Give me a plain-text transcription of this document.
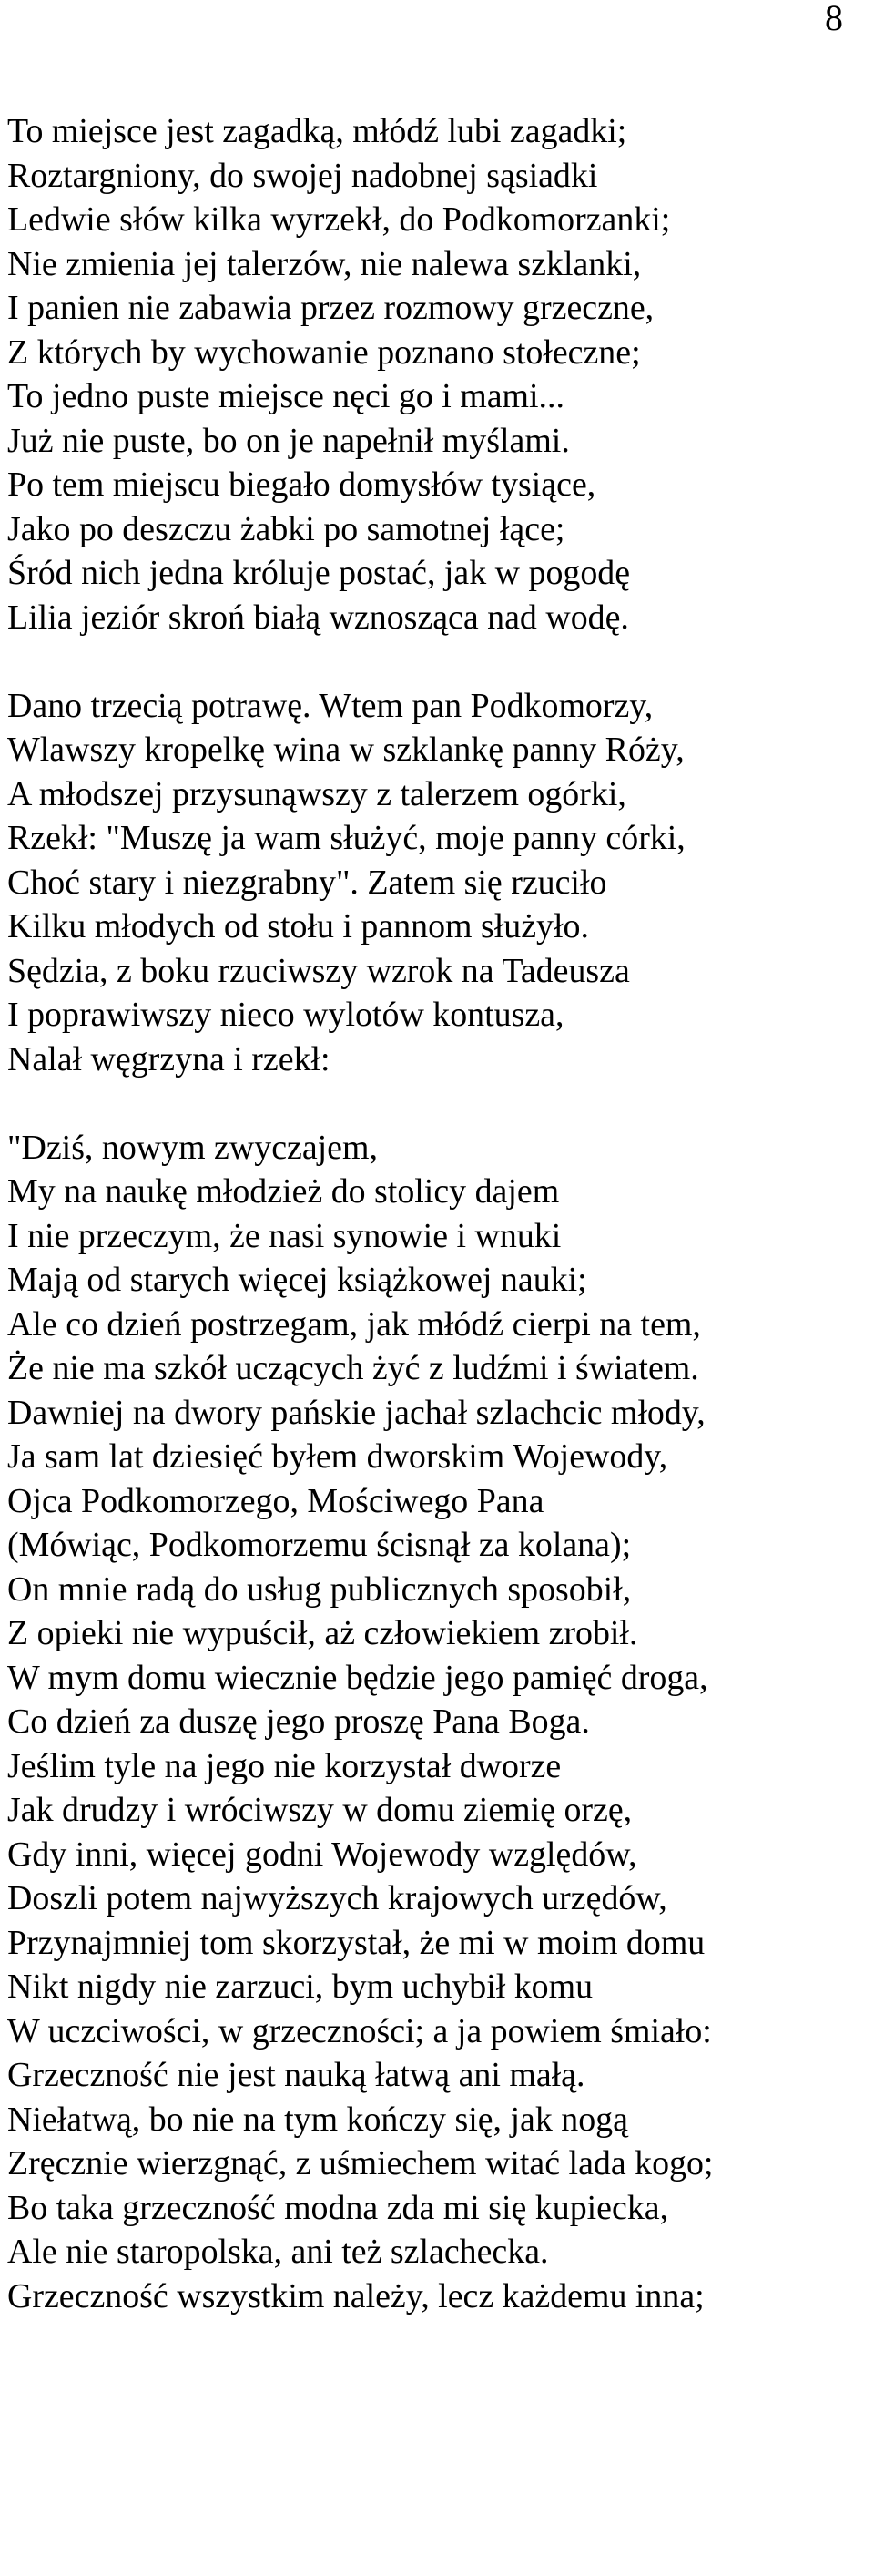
8
To miejsce jest zagadką, młódź lubi zagadki;
Roztargniony, do swojej nadobnej sąsiadki
Ledwie słów kilka wyrzekł, do Podkomorzanki;
Nie zmienia jej talerzów, nie nalewa szklanki,
I panien nie zabawia przez rozmowy grzeczne,
Z których by wychowanie poznano stołeczne;
To jedno puste miejsce nęci go i mami...
Już nie puste, bo on je napełnił myślami.
Po tem miejscu biegało domysłów tysiące,
Jako po deszczu żabki po samotnej łące;
Śród nich jedna króluje postać, jak w pogodę
Lilia jeziór skroń białą wznosząca nad wodę.
Dano trzecią potrawę. Wtem pan Podkomorzy,
Wlawszy kropelkę wina w szklankę panny Róży,
A młodszej przysunąwszy z talerzem ogórki,
Rzekł: "Muszę ja wam służyć, moje panny córki,
Choć stary i niezgrabny". Zatem się rzuciło
Kilku młodych od stołu i pannom służyło.
Sędzia, z boku rzuciwszy wzrok na Tadeusza
I poprawiwszy nieco wylotów kontusza,
Nalał węgrzyna i rzekł:
"Dziś, nowym zwyczajem,
My na naukę młodzież do stolicy dajem
I nie przeczym, że nasi synowie i wnuki
Mają od starych więcej książkowej nauki;
Ale co dzień postrzegam, jak młódź cierpi na tem,
Że nie ma szkół uczących żyć z ludźmi i światem.
Dawniej na dwory pańskie jachał szlachcic młody,
Ja sam lat dziesięć byłem dworskim Wojewody,
Ojca Podkomorzego, Mościwego Pana
(Mówiąc, Podkomorzemu ścisnął za kolana);
On mnie radą do usług publicznych sposobił,
Z opieki nie wypuścił, aż człowiekiem zrobił.
W mym domu wiecznie będzie jego pamięć droga,
Co dzień za duszę jego proszę Pana Boga.
Jeślim tyle na jego nie korzystał dworze
Jak drudzy i wróciwszy w domu ziemię orzę,
Gdy inni, więcej godni Wojewody względów,
Doszli potem najwyższych krajowych urzędów,
Przynajmniej tom skorzystał, że mi w moim domu
Nikt nigdy nie zarzuci, bym uchybił komu
W uczciwości, w grzeczności; a ja powiem śmiało:
Grzeczność nie jest nauką łatwą ani małą.
Niełatwą, bo nie na tym kończy się, jak nogą
Zręcznie wierzgnąć, z uśmiechem witać lada kogo;
Bo taka grzeczność modna zda mi się kupiecka,
Ale nie staropolska, ani też szlachecka.
Grzeczność wszystkim należy, lecz każdemu inna;
